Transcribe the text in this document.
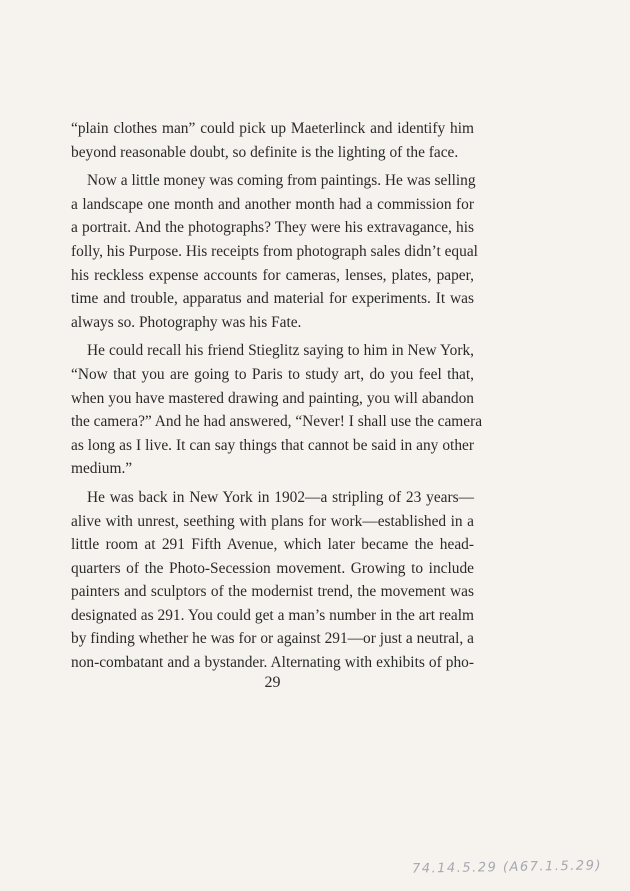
“plain clothes man” could pick up Maeterlinck and identify him
beyond reasonable doubt, so definite is the lighting of the face.
Now a little money was coming from paintings. He was selling
a landscape one month and another month had a commission for
a portrait. And the photographs? They were his extravagance, his
folly, his Purpose. His receipts from photograph sales didn’t equal
his reckless expense accounts for cameras, lenses, plates, paper,
time and trouble, apparatus and material for experiments. It was
always so. Photography was his Fate.
He could recall his friend Stieglitz saying to him in New York,
“Now that you are going to Paris to study art, do you feel that,
when you have mastered drawing and painting, you will abandon
the camera?” And he had answered, “Never! I shall use the camera
as long as I live. It can say things that cannot be said in any other
medium.”
He was back in New York in 1902—a stripling of 23 years—
alive with unrest, seething with plans for work—established in a
little room at 291 Fifth Avenue, which later became the head-
quarters of the Photo-Secession movement. Growing to include
painters and sculptors of the modernist trend, the movement was
designated as 291. You could get a man’s number in the art realm
by finding whether he was for or against 291—or just a neutral, a
non-combatant and a bystander. Alternating with exhibits of pho-
29
74.14.5.29 (A67.1.5.29)
